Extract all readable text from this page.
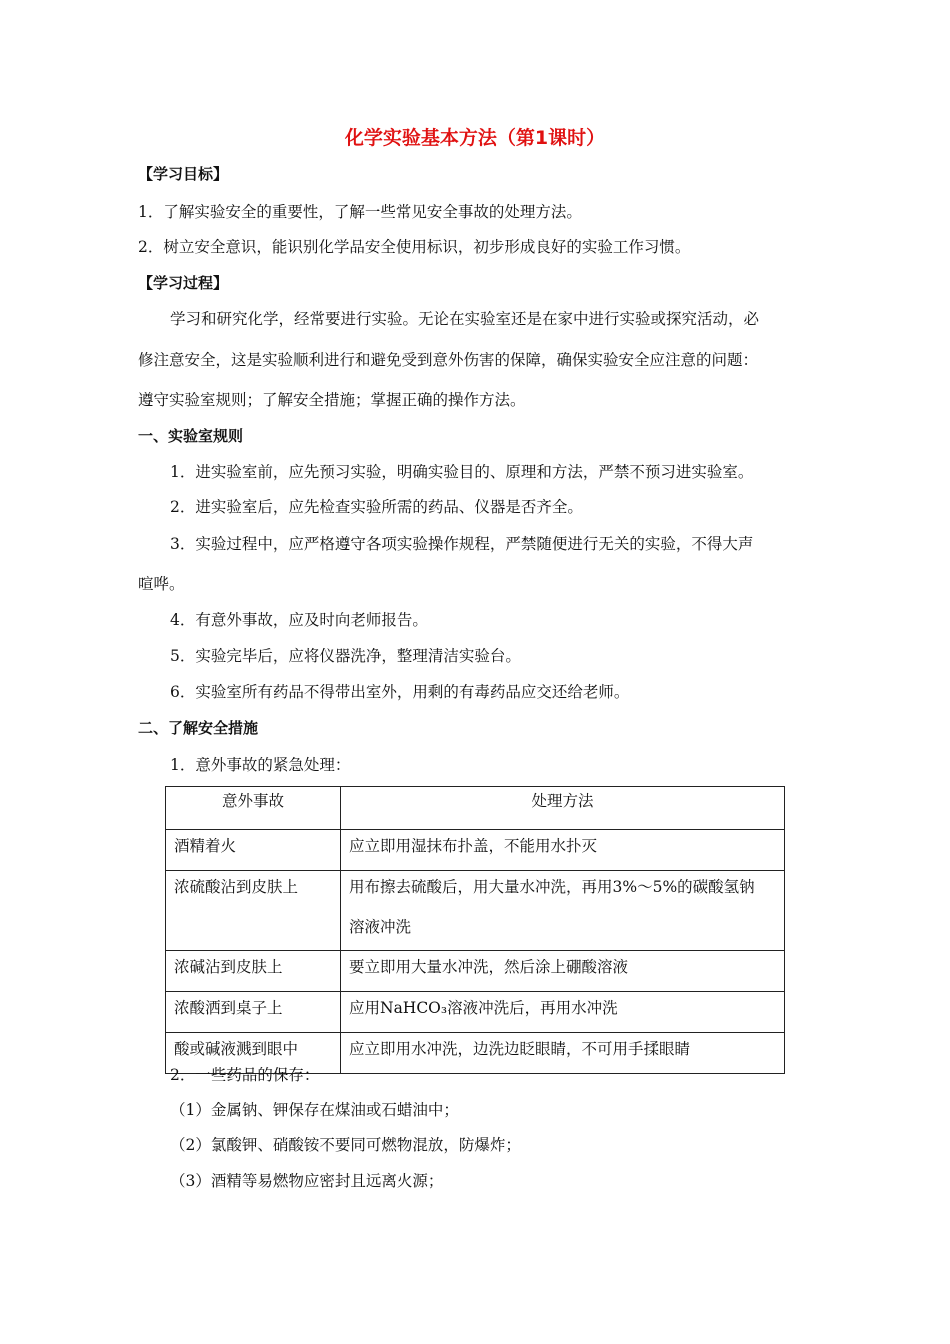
化学实验基本方法（第1课时）
【学习目标】
1．了解实验安全的重要性，了解一些常见安全事故的处理方法。
2．树立安全意识，能识别化学品安全使用标识，初步形成良好的实验工作习惯。
【学习过程】
学习和研究化学，经常要进行实验。无论在实验室还是在家中进行实验或探究活动，必
修注意安全，这是实验顺利进行和避免受到意外伤害的保障，确保实验安全应注意的问题：
遵守实验室规则；了解安全措施；掌握正确的操作方法。
一、实验室规则
1．进实验室前，应先预习实验，明确实验目的、原理和方法，严禁不预习进实验室。
2．进实验室后，应先检查实验所需的药品、仪器是否齐全。
3．实验过程中，应严格遵守各项实验操作规程，严禁随便进行无关的实验，不得大声
喧哗。
4．有意外事故，应及时向老师报告。
5．实验完毕后，应将仪器洗净，整理清洁实验台。
6．实验室所有药品不得带出室外，用剩的有毒药品应交还给老师。
二、了解安全措施
1．意外事故的紧急处理：
意外事故	处理方法
酒精着火	应立即用湿抹布扑盖，不能用水扑灭
浓硫酸沾到皮肤上	用布擦去硫酸后，用大量水冲洗，再用3%～5%的碳酸氢钠
溶液冲洗

浓碱沾到皮肤上	要立即用大量水冲洗，然后涂上硼酸溶液
浓酸洒到桌子上	应用NaHCO₃溶液冲洗后，再用水冲洗
酸或碱液溅到眼中	应立即用水冲洗，边洗边眨眼睛，不可用手揉眼睛
2．一些药品的保存：
（1）金属钠、钾保存在煤油或石蜡油中；
（2）氯酸钾、硝酸铵不要同可燃物混放，防爆炸；
（3）酒精等易燃物应密封且远离火源；
